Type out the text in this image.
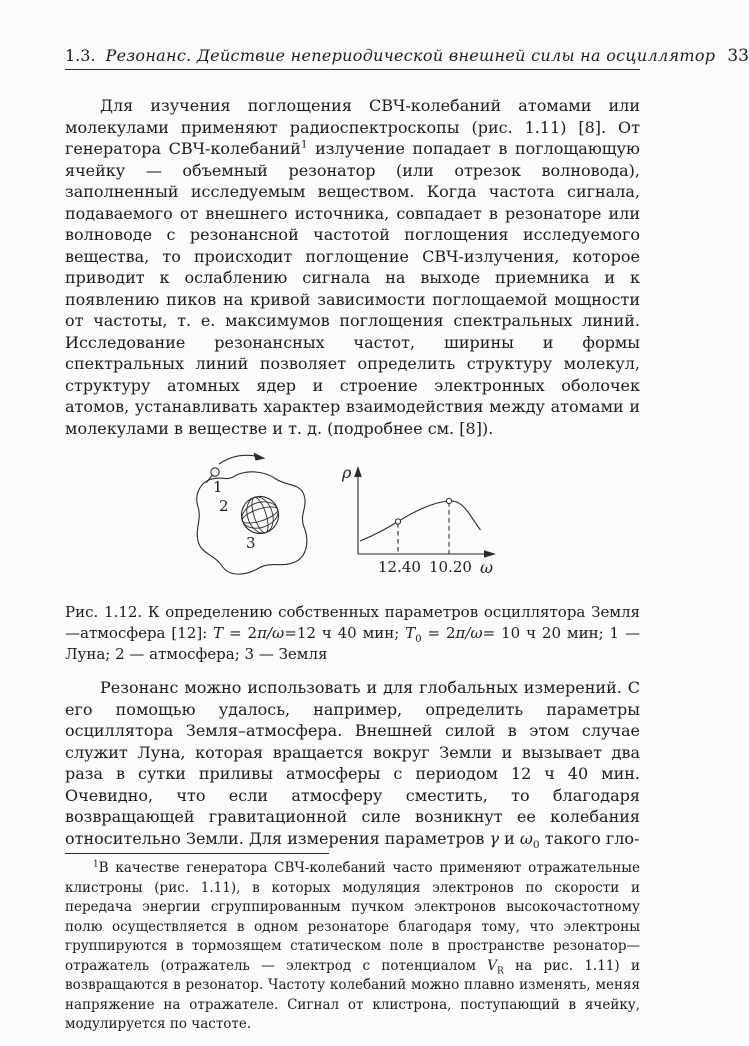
1.3. Резонанс. Действие непериодической внешней силы на осциллятор 33

Для изучения поглощения СВЧ-колебаний атомами или молекулами применяют радиоспектроскопы (рис. 1.11) [8]. От генератора СВЧ-колебаний$^1$ излучение попадает в поглощающую ячейку — объемный резонатор (или отрезок волновода), заполненный исследуемым веществом. Когда частота сигнала, подаваемого от внешнего источника, совпадает в резонаторе или волноводе с резонансной частотой поглощения исследуемого вещества, то происходит поглощение СВЧ-излучения, которое приводит к ослаблению сигнала на выходе приемника и к появлению пиков на кривой зависимости поглощаемой мощности от частоты, т. е. максимумов поглощения спектральных линий. Исследование резонансных частот, ширины и формы спектральных линий позволяет определить структуру молекул, структуру атомных ядер и строение электронных оболочек атомов, устанавливать характер взаимодействия между атомами и молекулами в веществе и т. д. (подробнее см. [8]).

1
2
3
ρ
ω
12.40 10.20
Рис. 1.12. К определению собственных параметров осциллятора Земля—атмосфера [12]: T = 2π/ω=12 ч 40 мин; $T_0 = 2\pi/\omega= 10$ ч 20 мин; 1 — Луна; 2 — атмосфера; 3 — Земля

Резонанс можно использовать и для глобальных измерений. С его помощью удалось, например, определить параметры осциллятора Земля–атмосфера. Внешней силой в этом случае служит Луна, которая вращается вокруг Земли и вызывает два раза в сутки приливы атмосферы с периодом 12 ч 40 мин. Очевидно, что если атмосферу сместить, то благодаря возвращающей гравитационной силе возникнут ее колебания относительно Земли. Для измерения параметров γ и $\omega_0$ такого гло-

$^1$В качестве генератора СВЧ-колебаний часто применяют отражательные клистроны (рис. 1.11), в которых модуляция электронов по скорости и передача энергии сгруппированным пучком электронов высокочастотному полю осуществляется в одном резонаторе благодаря тому, что электроны группируются в тормозящем статическом поле в пространстве резонатор—отражатель (отражатель — электрод с потенциалом $V_R$ на рис. 1.11) и возвращаются в резонатор. Частоту колебаний можно плавно изменять, меняя напряжение на отражателе. Сигнал от клистрона, поступающий в ячейку, модулируется по частоте.
